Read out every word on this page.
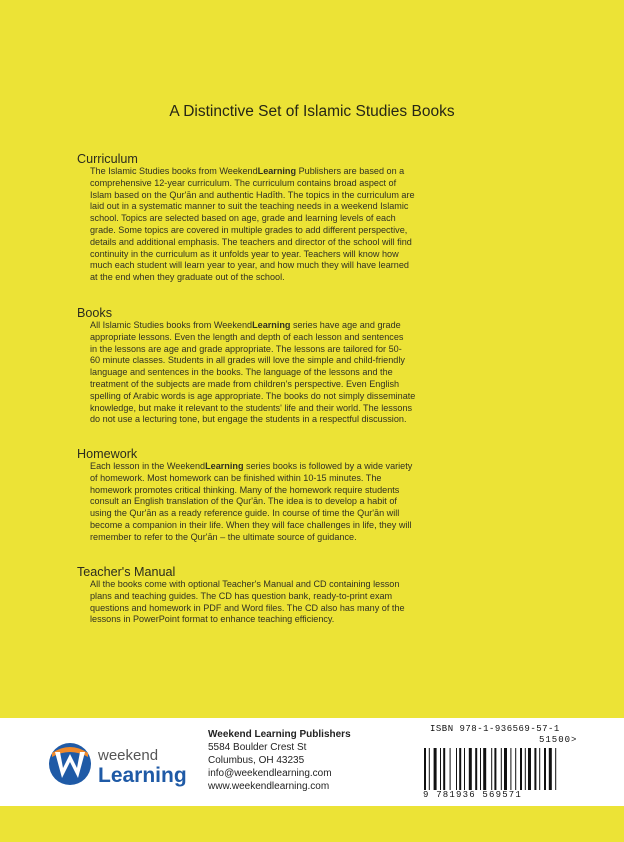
A Distinctive Set of Islamic Studies Books
Curriculum

The Islamic Studies books from WeekendLearning Publishers are based on a
comprehensive 12-year curriculum. The curriculum contains broad aspect of
Islam based on the Qur'ān and authentic Hadīth. The topics in the curriculum are
laid out in a systematic manner to suit the teaching needs in a weekend Islamic
school. Topics are selected based on age, grade and learning levels of each
grade. Some topics are covered in multiple grades to add different perspective,
details and additional emphasis. The teachers and director of the school will find
continuity in the curriculum as it unfolds year to year. Teachers will know how
much each student will learn year to year, and how much they will have learned
at the end when they graduate out of the school.

Books

All Islamic Studies books from WeekendLearning series have age and grade
appropriate lessons. Even the length and depth of each lesson and sentences
in the lessons are age and grade appropriate. The lessons are tailored for 50-
60 minute classes. Students in all grades will love the simple and child-friendly
language and sentences in the books. The language of the lessons and the
treatment of the subjects are made from children's perspective. Even English
spelling of Arabic words is age appropriate. The books do not simply disseminate
knowledge, but make it relevant to the students' life and their world. The lessons
do not use a lecturing tone, but engage the students in a respectful discussion.

Homework

Each lesson in the WeekendLearning series books is followed by a wide variety
of homework. Most homework can be finished within 10-15 minutes. The
homework promotes critical thinking. Many of the homework require students
consult an English translation of the Qur'ān. The idea is to develop a habit of
using the Qur'ān as a ready reference guide. In course of time the Qur'ān will
become a companion in their life. When they will face challenges in life, they will
remember to refer to the Qur'ān – the ultimate source of guidance.

Teacher's Manual

All the books come with optional Teacher's Manual and CD containing lesson
plans and teaching guides. The CD has question bank, ready-to-print exam
questions and homework in PDF and Word files. The CD also has many of the
lessons in PowerPoint format to enhance teaching efficiency.

weekend
Learning
Weekend Learning Publishers
5584 Boulder Crest St
Columbus, OH 43235
info@weekendlearning.com
www.weekendlearning.com
ISBN 978-1-936569-57-1
51500>
9 781936 569571
